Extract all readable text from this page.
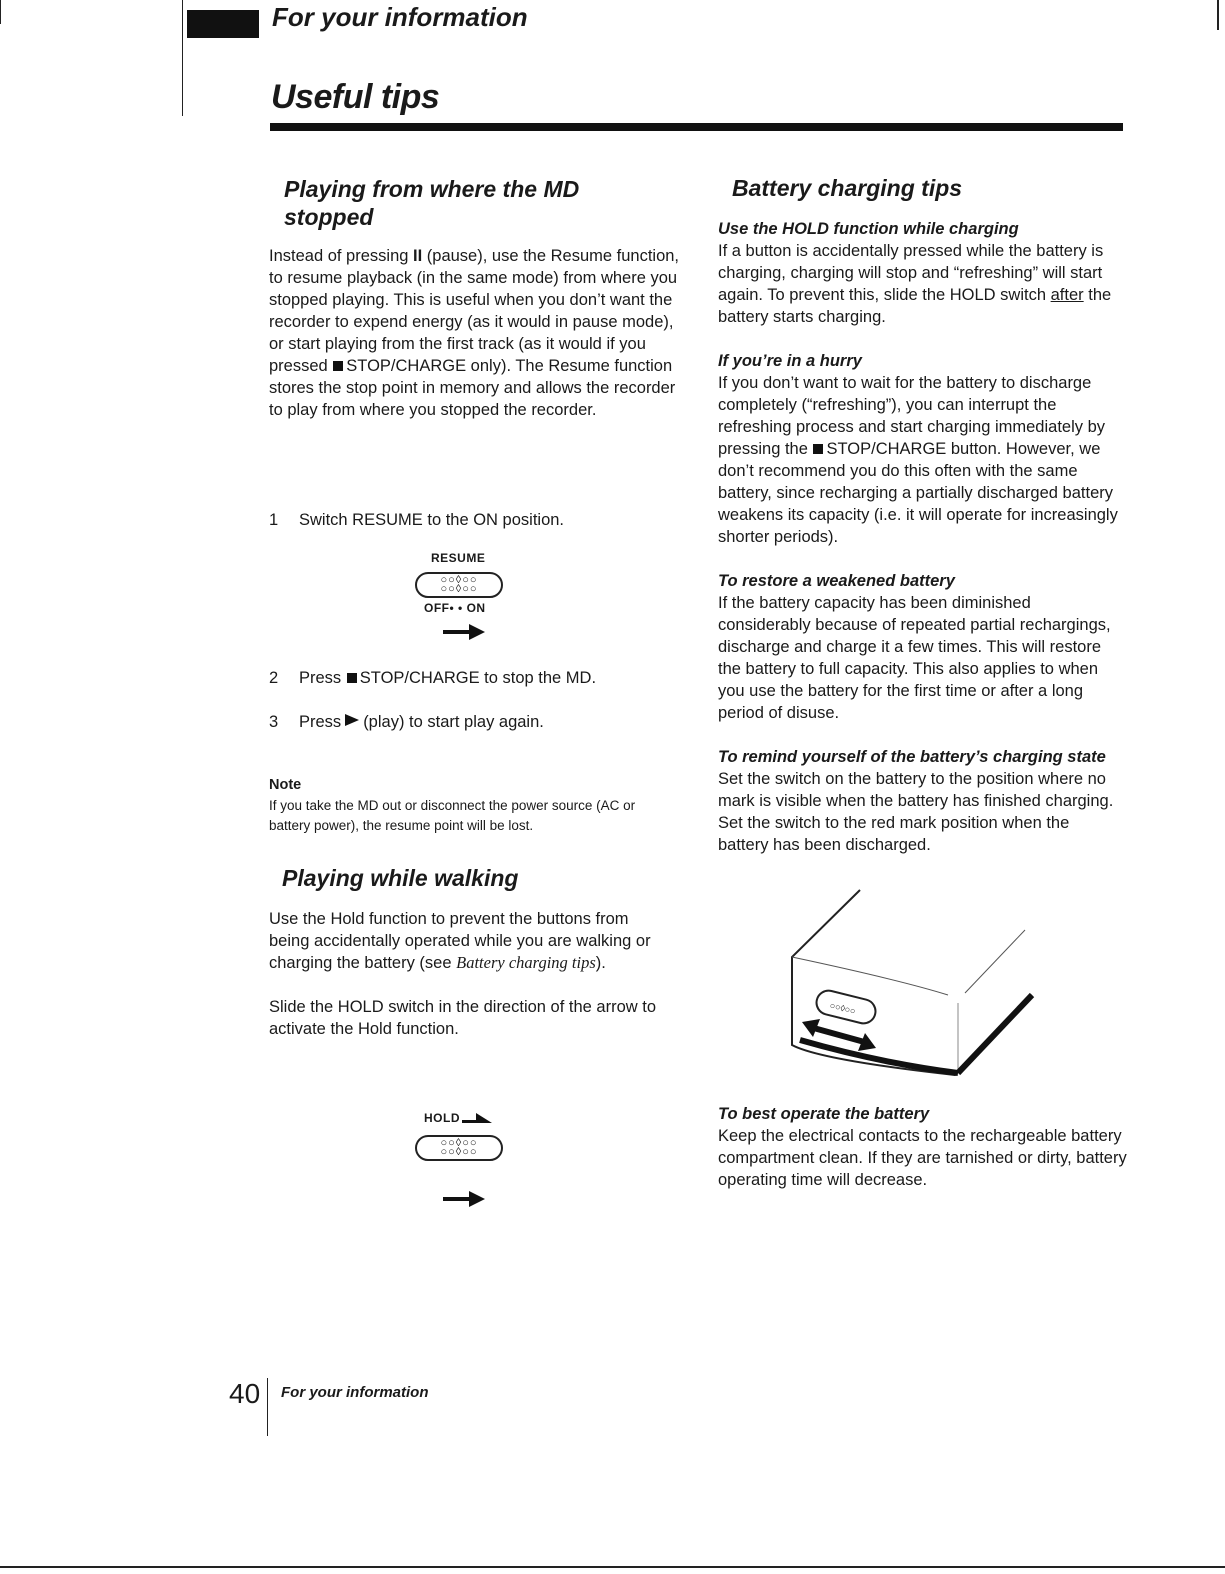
For your information
Useful tips
Playing from where the MD
stopped
Instead of pressing II (pause), use the Resume function, to resume playback (in the same mode) from where you stopped playing. This is useful when you don’t want the recorder to expend energy (as it would in pause mode), or start playing from the first track (as it would if you pressed STOP/CHARGE only). The Resume function stores the stop point in memory and allows the recorder to play from where you stopped the recorder.
1 Switch RESUME to the ON position.
RESUME
○○◊○○
○○◊○○
OFF• • ON
2 Press STOP/CHARGE to stop the MD.
3 Press (play) to start play again.
Note
If you take the MD out or disconnect the power source (AC or battery power), the resume point will be lost.
Playing while walking
Use the Hold function to prevent the buttons from being accidentally operated while you are walking or charging the battery (see Battery charging tips).
Slide the HOLD switch in the direction of the arrow to activate the Hold function.
HOLD
○○◊○○
○○◊○○
Battery charging tips
Use the HOLD function while charging
If a button is accidentally pressed while the battery is charging, charging will stop and “refreshing” will start again. To prevent this, slide the HOLD switch after the battery starts charging.
If you’re in a hurry
If you don’t want to wait for the battery to discharge completely (“refreshing”), you can interrupt the refreshing process and start charging immediately by pressing the STOP/CHARGE button. However, we don’t recommend you do this often with the same battery, since recharging a partially discharged battery weakens its capacity (i.e. it will operate for increasingly shorter periods).
To restore a weakened battery
If the battery capacity has been diminished considerably because of repeated partial rechargings, discharge and charge it a few times. This will restore the battery to full capacity. This also applies to when you use the battery for the first time or after a long period of disuse.
To remind yourself of the battery’s charging state
Set the switch on the battery to the position where no mark is visible when the battery has finished charging. Set the switch to the red mark position when the battery has been discharged.
○○◊○○
To best operate the battery
Keep the electrical contacts to the rechargeable battery compartment clean. If they are tarnished or dirty, battery operating time will decrease.
40 For your information
